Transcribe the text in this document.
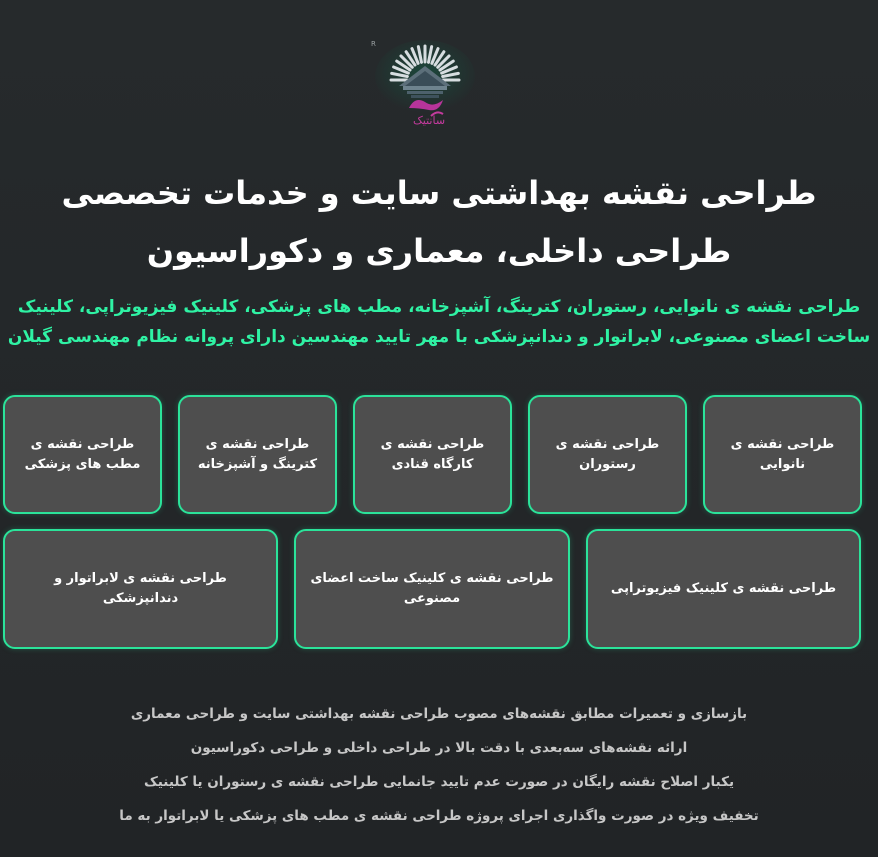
R
سانتیک
طراحی نقشه بهداشتی سایت و خدمات تخصصی طراحی داخلی، معماری و دکوراسیون

طراحی نقشه ی نانوایی، رستوران، کترینگ، آشپزخانه، مطب های پزشکی، کلینیک فیزیوتراپی، کلینیک ساخت اعضای مصنوعی، لابراتوار و دندانپزشکی با مهر تایید مهندسین دارای پروانه نظام مهندسی گیلان

طراحی نقشه ی نانوایی
طراحی نقشه ی رستوران
طراحی نقشه ی کارگاه قنادی
طراحی نقشه ی کترینگ و آشپزخانه
طراحی نقشه ی مطب های پزشکی
طراحی نقشه ی کلینیک فیزیوتراپی
طراحی نقشه ی کلینیک ساخت اعضای مصنوعی
طراحی نقشه ی لابراتوار و دندانپزشکی
بازسازی و تعمیرات مطابق نقشه‌های مصوب طراحی نقشه بهداشتی سایت و طراحی معماری
ارائه نقشه‌های سه‌بعدی با دقت بالا در طراحی داخلی و طراحی دکوراسیون
یکبار اصلاح نقشه رایگان در صورت عدم تایید جانمایی طراحی نقشه ی رستوران یا کلینیک
تخفیف ویژه در صورت واگذاری اجرای پروژه طراحی نقشه ی مطب های پزشکی یا لابراتوار به ما
